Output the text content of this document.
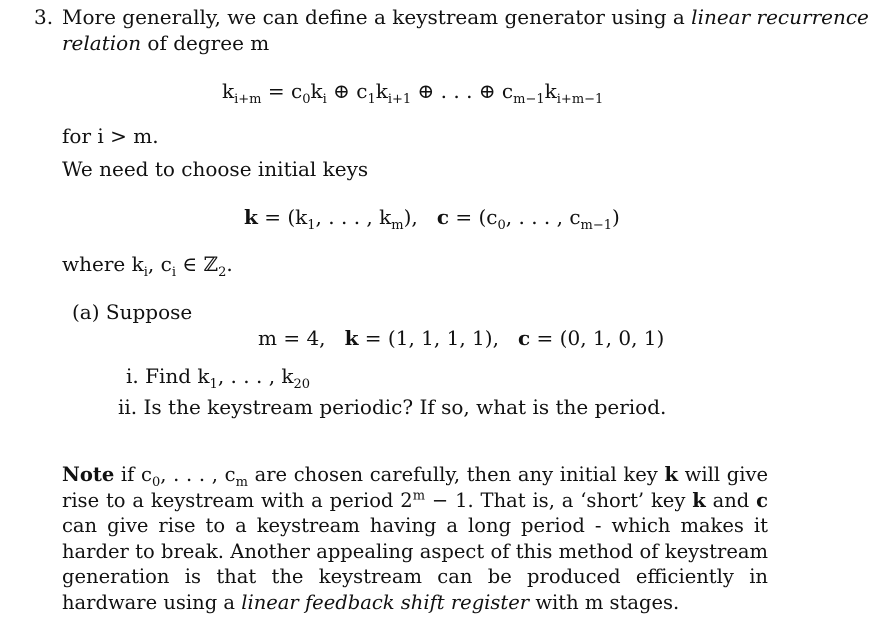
3. More generally, we can define a keystream generator using a linear recurrence
relation of degree m
$k_{i+m} = c_0k_i$ ⊕ $c_1k_{i+1}$ ⊕ . . . ⊕ $c_{m-1}k_{i+m-1}$
for i > m.
We need to choose initial keys
$k = (k_1$, . . . , $k_m$),   $c = (c_0$, . . . , $c_{m-1}$)
where $k_i$, $c_i$ ∈ ℤ$_2$.
(a) Suppose
m = 4,   k = (1, 1, 1, 1),   c = (0, 1, 0, 1)
i. Find $k_1$, . . . , $k_{20}$
ii. Is the keystream periodic? If so, what is the period.
Note if $c_0$, . . . , $c_m$ are chosen carefully, then any initial key k will give rise to a keystream with a period $2^m - 1$. That is, a ‘short’ key k and c can give rise to a keystream having a long period - which makes it harder to break. Another appealing aspect of this method of keystream generation is that the keystream can be produced efficiently in hardware using a linear feedback shift register with m stages.
